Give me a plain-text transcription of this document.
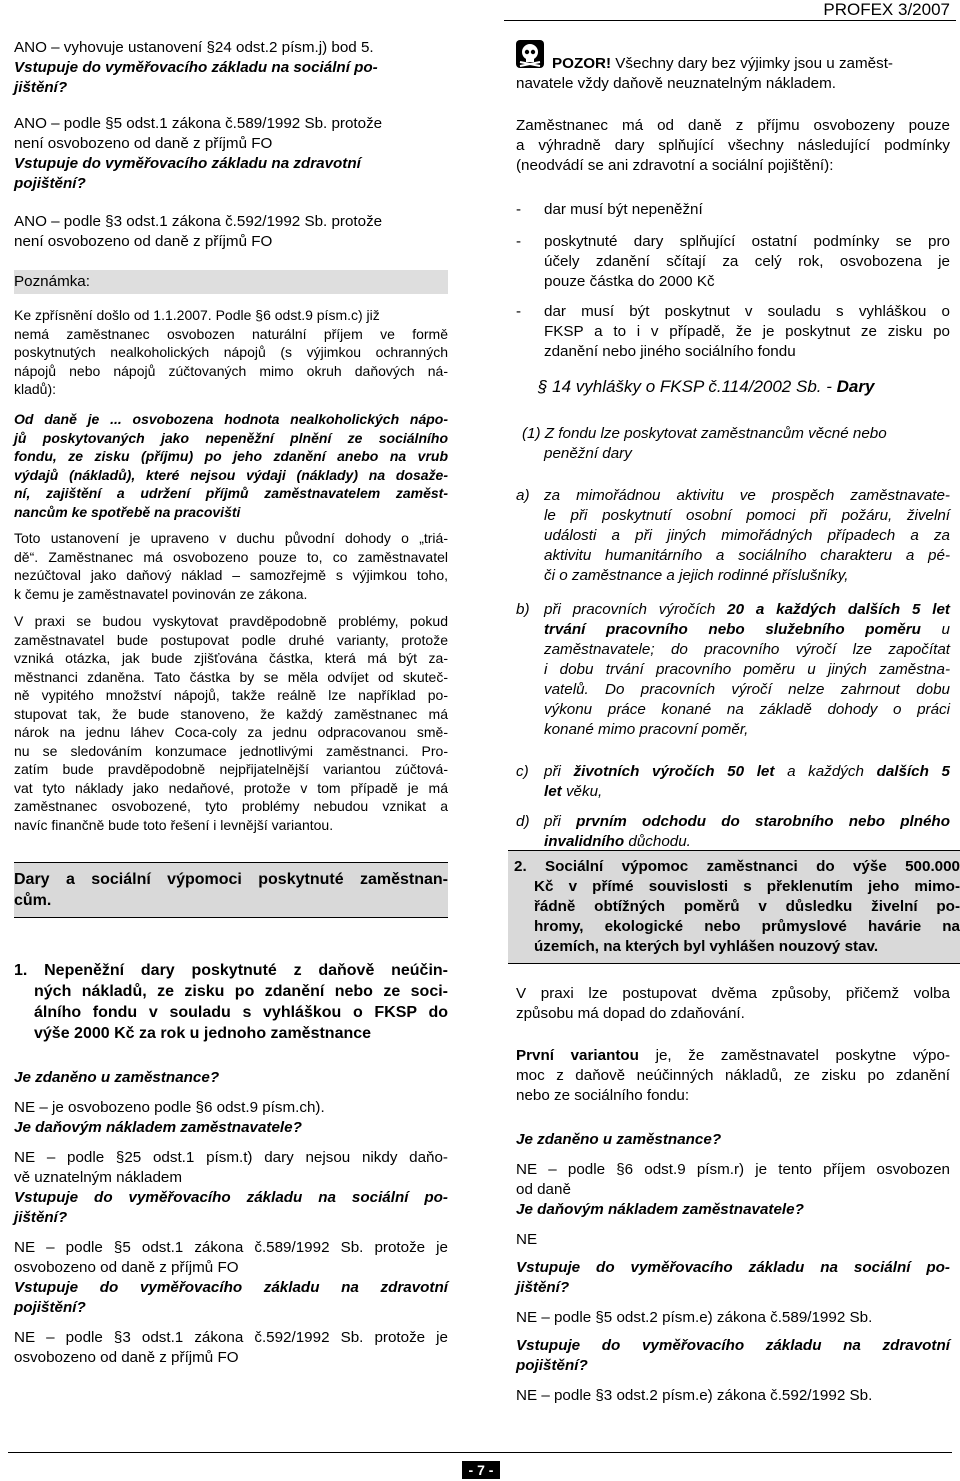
PROFEX 3/2007

ANO – vyhovuje ustanovení §24 odst.2 písm.j) bod 5.

Vstupuje do vyměřovacího základu na sociální po-

jištění?

ANO – podle §5 odst.1 zákona č.589/1992 Sb. protože

není osvobozeno od daně z příjmů FO

Vstupuje do vyměřovacího základu na zdravotní

pojištění?

ANO – podle §3 odst.1 zákona č.592/1992 Sb. protože

není osvobozeno od daně z příjmů FO

Poznámka:

Ke zpřísnění došlo od 1.1.2007. Podle §6 odst.9 písm.c) již

nemá zaměstnanec osvobozen naturální příjem ve formě

poskytnutých nealkoholických nápojů (s výjimkou ochranných

nápojů nebo nápojů zúčtovaných mimo okruh daňových ná-

kladů):

Od daně je ... osvobozena hodnota nealkoholických nápo-

jů poskytovaných jako nepeněžní plnění ze sociálního

fondu, ze zisku (příjmu) po jeho zdanění anebo na vrub

výdajů (nákladů), které nejsou výdaji (náklady) na dosaže-

ní, zajištění a udržení příjmů zaměstnavatelem zaměst-

nancům ke spotřebě na pracovišti

Toto ustanovení je upraveno v duchu původní dohody o „triá-

dě“. Zaměstnanec má osvobozeno pouze to, co zaměstnavatel

nezúčtoval jako daňový náklad – samozřejmě s výjimkou toho,

k čemu je zaměstnavatel povinován ze zákona.

V praxi se budou vyskytovat pravděpodobně problémy, pokud

zaměstnavatel bude postupovat podle druhé varianty, protože

vzniká otázka, jak bude zjišťována částka, která má být za-

městnanci zdaněna. Tato částka by se měla odvíjet od skuteč-

ně vypitého množství nápojů, takže reálně lze například po-

stupovat tak, že bude stanoveno, že každý zaměstnanec má

nárok na jednu láhev Coca-coly za jednu odpracovanou smě-

nu se sledováním konzumace jednotlivými zaměstnanci. Pro-

zatím bude pravděpodobně nejpřijatelnější variantou zúčtová-

vat tyto náklady jako nedaňové, protože v tom případě je má

zaměstnanec osvobozené, tyto problémy nebudou vznikat a

navíc finančně bude toto řešení i levnější variantou.

Dary a sociální výpomoci poskytnuté zaměstnan-

cům.

1. Nepeněžní dary poskytnuté z daňově neúčin-

ných nákladů, ze zisku po zdanění nebo ze soci-

álního fondu v souladu s vyhláškou o FKSP do

výše 2000 Kč za rok u jednoho zaměstnance

Je zdaněno u zaměstnance?

NE – je osvobozeno podle §6 odst.9 písm.ch).

Je daňovým nákladem zaměstnavatele?

NE – podle §25 odst.1 písm.t) dary nejsou nikdy daňo-

vě uznatelným nákladem

Vstupuje do vyměřovacího základu na sociální po-

jištění?

NE – podle §5 odst.1 zákona č.589/1992 Sb. protože je

osvobozeno od daně z příjmů FO

Vstupuje do vyměřovacího základu na zdravotní

pojištění?

NE – podle §3 odst.1 zákona č.592/1992 Sb. protože je

osvobozeno od daně z příjmů FO

POZOR! Všechny dary bez výjimky jsou u zaměst-

navatele vždy daňově neuznatelným nákladem.

Zaměstnanec má od daně z příjmu osvobozeny pouze

a výhradně dary splňující všechny následující podmínky

(neodvádí se ani zdravotní a sociální pojištění):

- dar musí být nepeněžní
- poskytnuté dary splňující ostatní podmínky se pro

účely zdanění sčítají za celý rok, osvobozena je

pouze částka do 2000 Kč

- dar musí být poskytnut v souladu s vyhláškou o

FKSP a to i v případě, že je poskytnut ze zisku po

zdanění nebo jiného sociálního fondu

§ 14 vyhlášky o FKSP č.114/2002 Sb. - Dary

(1) Z fondu lze poskytovat zaměstnancům věcné nebo

peněžní dary

a) za mimořádnou aktivitu ve prospěch zaměstnavate-

le při poskytnutí osobní pomoci při požáru, živelní

události a při jiných mimořádných případech a za

aktivitu humanitárního a sociálního charakteru a pé-

či o zaměstnance a jejich rodinné příslušníky,

b) při pracovních výročích 20 a každých dalších 5 let

trvání pracovního nebo služebního poměru u

zaměstnavatele; do pracovního výročí lze započítat

i dobu trvání pracovního poměru u jiných zaměstna-

vatelů. Do pracovních výročí nelze zahrnout dobu

výkonu práce konané na základě dohody o práci

konané mimo pracovní poměr,

c) při životních výročích 50 let a každých dalších 5

let věku,

d) při prvním odchodu do starobního nebo plného

invalidního důchodu.

2. Sociální výpomoc zaměstnanci do výše 500.000

Kč v přímé souvislosti s překlenutím jeho mimo-

řádně obtížných poměrů v důsledku živelní po-

hromy, ekologické nebo průmyslové havárie na

územích, na kterých byl vyhlášen nouzový stav.

V praxi lze postupovat dvěma způsoby, přičemž volba

způsobu má dopad do zdaňování.

První variantou je, že zaměstnavatel poskytne výpo-

moc z daňově neúčinných nákladů, ze zisku po zdanění

nebo ze sociálního fondu:

Je zdaněno u zaměstnance?

NE – podle §6 odst.9 písm.r) je tento příjem osvobozen

od daně

Je daňovým nákladem zaměstnavatele?

NE

Vstupuje do vyměřovacího základu na sociální po-

jištění?

NE – podle §5 odst.2 písm.e) zákona č.589/1992 Sb.

Vstupuje do vyměřovacího základu na zdravotní

pojištění?

NE – podle §3 odst.2 písm.e) zákona č.592/1992 Sb.

- 7 -
